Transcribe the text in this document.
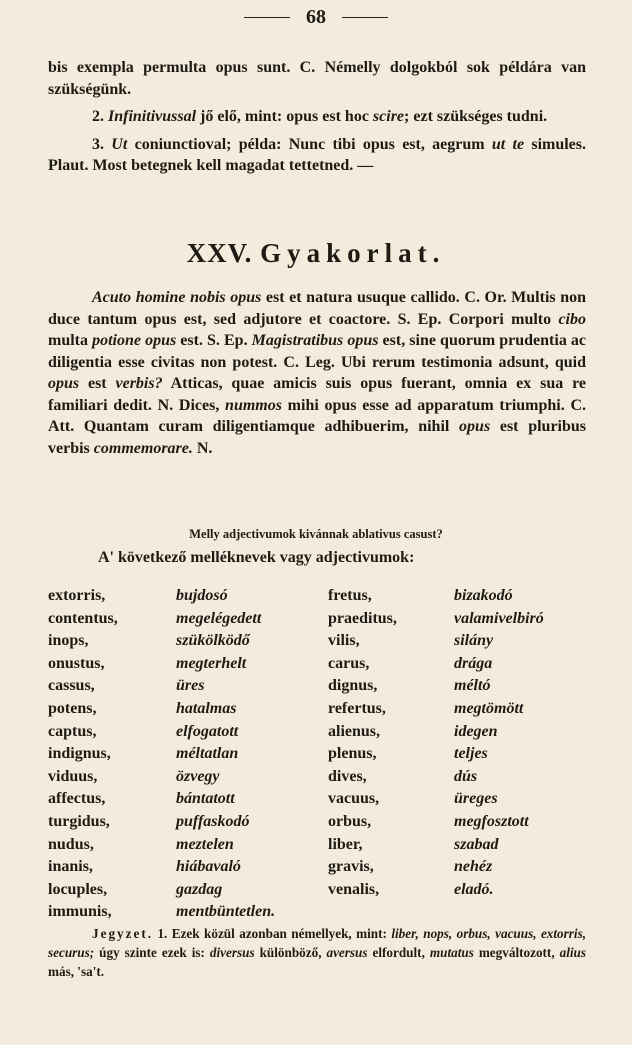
68

bis exempla permulta opus sunt. C. Némelly dolgokból sok példára van szükségünk.

2. Infinitivussal jő elő, mint: opus est hoc scire; ezt szükséges tudni.

3. Ut coniunctioval; példa: Nunc tibi opus est, aegrum ut te simules. Plaut. Most betegnek kell magadat tettetned. —

XXV. Gyakorlat.

Acuto homine nobis opus est et natura usuque callido. C. Or. Multis non duce tantum opus est, sed adjutore et coactore. S. Ep. Corpori multo cibo multa potione opus est. S. Ep. Magistratibus opus est, sine quorum prudentia ac diligentia esse civitas non potest. C. Leg. Ubi rerum testimonia adsunt, quid opus est verbis? Atticas, quae amicis suis opus fuerant, omnia ex sua re familiari dedit. N. Dices, nummos mihi opus esse ad apparatum triumphi. C. Att. Quantam curam diligentiamque adhibuerim, nihil opus est pluribus verbis commemorare. N.

Melly adjectivumok kivánnak ablativus casust?
A' következő melléknevek vagy adjectivumok:
extorris,	bujdosó	fretus,	bizakodó
contentus,	megelégedett	praeditus,	valamivelbiró
inops,	szükölködő	vilis,	silány
onustus,	megterhelt	carus,	drága
cassus,	üres	dignus,	méltó
potens,	hatalmas	refertus,	megtömött
captus,	elfogatott	alienus,	idegen
indignus,	méltatlan	plenus,	teljes
viduus,	özvegy	dives,	dús
affectus,	bántatott	vacuus,	üreges
turgidus,	puffaskodó	orbus,	megfosztott
nudus,	meztelen	liber,	szabad
inanis,	hiábavaló	gravis,	nehéz
locuples,	gazdag	venalis,	eladó.
immunis,	mentbüntetlen.

Jegyzet. 1. Ezek közül azonban némellyek, mint: liber, nops, orbus, vacuus, extorris, securus; úgy szinte ezek is: diversus különböző, aversus elfordult, mutatus megváltozott, alius más, 'sa't.
